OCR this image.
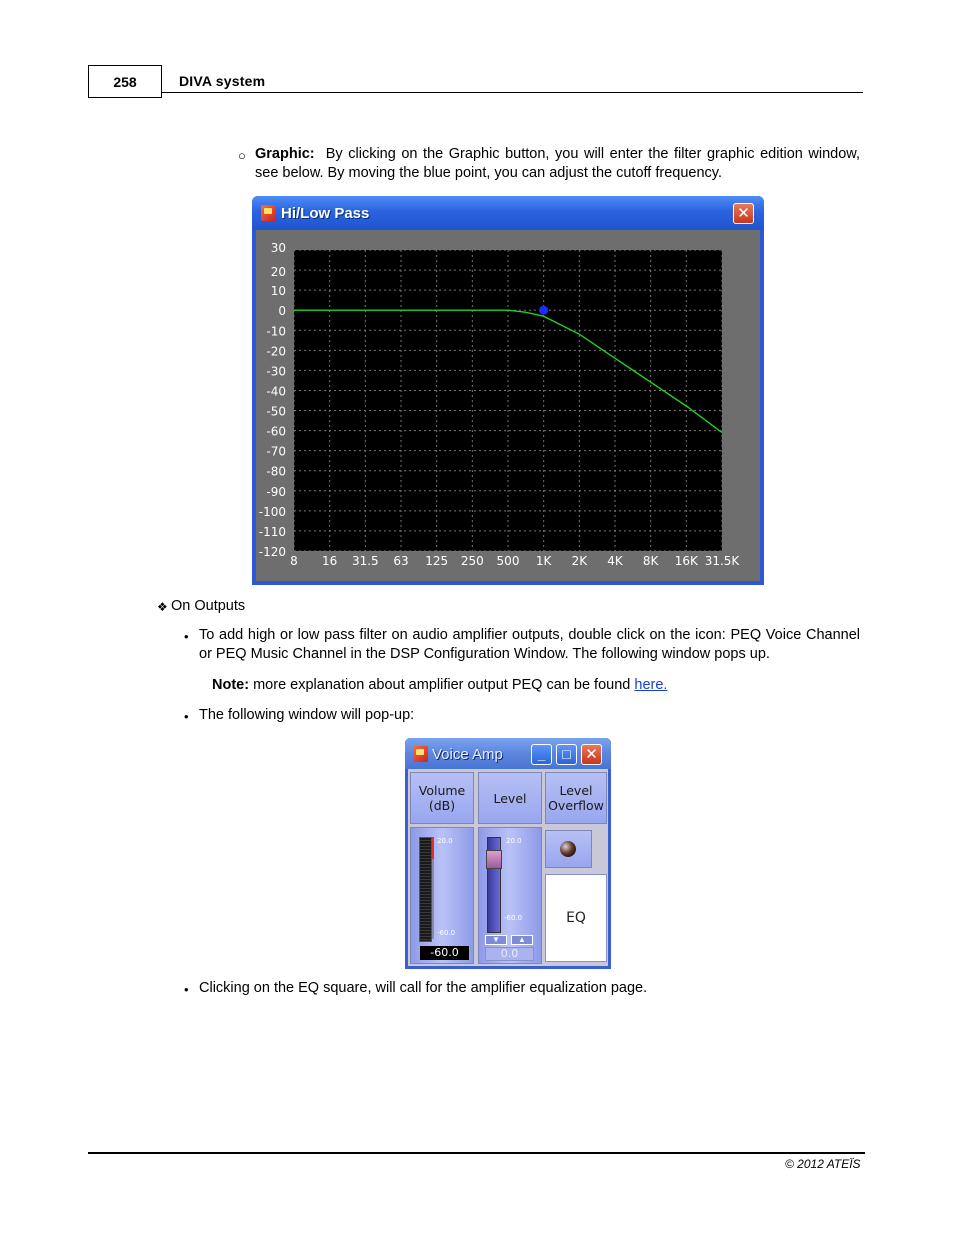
258	DIVA system
○ Graphic: By clicking on the Graphic button, you will enter the filter graphic edition window, see below. By moving the blue point, you can adjust the cutoff frequency.
Hi/Low Pass	✕
30
20
10
0
-10
-20
-30
-40
-50
-60
-70
-80
-90
-100
-110
-120
8 16 31.5 63 125 250 500 1K 2K 4K 8K 16K 31.5K
❖ On Outputs
• To add high or low pass filter on audio amplifier outputs, double click on the icon: PEQ Voice Channel or PEQ Music Channel in the DSP Configuration Window. The following window pops up.
Note: more explanation about amplifier output PEQ can be found here.
• The following window will pop-up:
Voice Amp	_	□ ✕
Volume (dB)	Level
Level Overflow
20.0
-60.0
-60.0
20.0
-60.0
▼	▲
0.0
EQ
• Clicking on the EQ square, will call for the amplifier equalization page.
© 2012 ATEÏS
